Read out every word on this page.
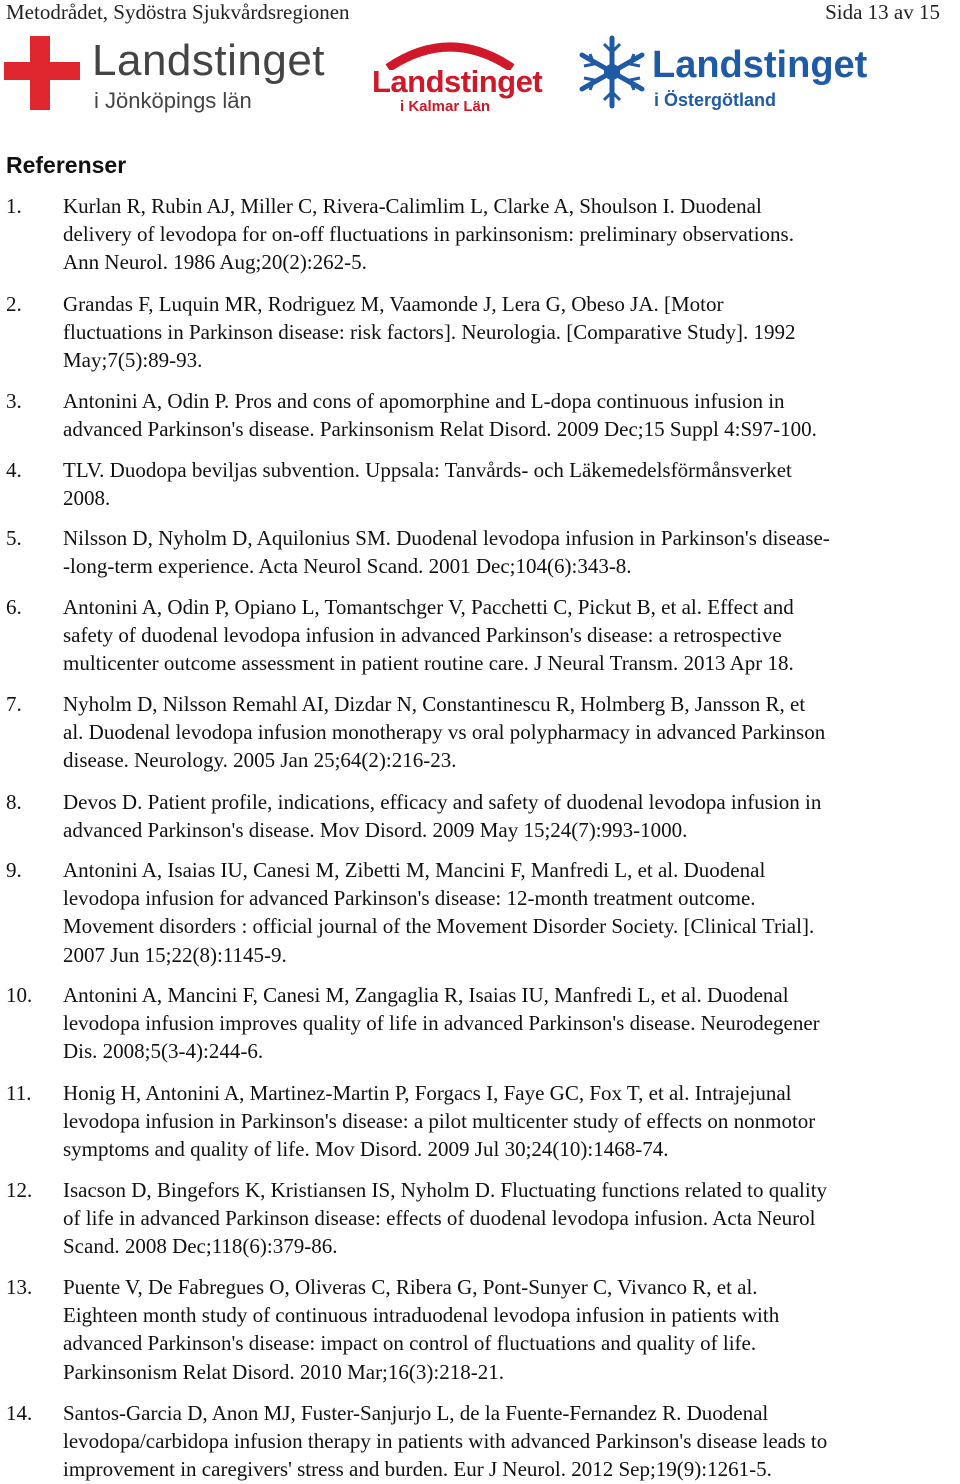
Metodrådet, Sydöstra Sjukvårdsregionen	Sida 13 av 15
Landstinget
i Jönköpings län
Landstinget
i Kalmar Län
Landstinget
i Östergötland
Referenser
1.	Kurlan R, Rubin AJ, Miller C, Rivera-Calimlim L, Clarke A, Shoulson I. Duodenal
delivery of levodopa for on-off fluctuations in parkinsonism: preliminary observations.
Ann Neurol. 1986 Aug;20(2):262-5.
2.	Grandas F, Luquin MR, Rodriguez M, Vaamonde J, Lera G, Obeso JA. [Motor
fluctuations in Parkinson disease: risk factors]. Neurologia. [Comparative Study]. 1992
May;7(5):89-93.
3.	Antonini A, Odin P. Pros and cons of apomorphine and L-dopa continuous infusion in
advanced Parkinson's disease. Parkinsonism Relat Disord. 2009 Dec;15 Suppl 4:S97-100.
4.	TLV. Duodopa beviljas subvention. Uppsala: Tanvårds- och Läkemedelsförmånsverket
2008.
5.	Nilsson D, Nyholm D, Aquilonius SM. Duodenal levodopa infusion in Parkinson's disease-
-long-term experience. Acta Neurol Scand. 2001 Dec;104(6):343-8.
6.	Antonini A, Odin P, Opiano L, Tomantschger V, Pacchetti C, Pickut B, et al. Effect and
safety of duodenal levodopa infusion in advanced Parkinson's disease: a retrospective
multicenter outcome assessment in patient routine care. J Neural Transm. 2013 Apr 18.
7.	Nyholm D, Nilsson Remahl AI, Dizdar N, Constantinescu R, Holmberg B, Jansson R, et
al. Duodenal levodopa infusion monotherapy vs oral polypharmacy in advanced Parkinson
disease. Neurology. 2005 Jan 25;64(2):216-23.
8.	Devos D. Patient profile, indications, efficacy and safety of duodenal levodopa infusion in
advanced Parkinson's disease. Mov Disord. 2009 May 15;24(7):993-1000.
9.	Antonini A, Isaias IU, Canesi M, Zibetti M, Mancini F, Manfredi L, et al. Duodenal
levodopa infusion for advanced Parkinson's disease: 12-month treatment outcome.
Movement disorders : official journal of the Movement Disorder Society. [Clinical Trial].
2007 Jun 15;22(8):1145-9.
10.	Antonini A, Mancini F, Canesi M, Zangaglia R, Isaias IU, Manfredi L, et al. Duodenal
levodopa infusion improves quality of life in advanced Parkinson's disease. Neurodegener
Dis. 2008;5(3-4):244-6.
11.	Honig H, Antonini A, Martinez-Martin P, Forgacs I, Faye GC, Fox T, et al. Intrajejunal
levodopa infusion in Parkinson's disease: a pilot multicenter study of effects on nonmotor
symptoms and quality of life. Mov Disord. 2009 Jul 30;24(10):1468-74.
12.	Isacson D, Bingefors K, Kristiansen IS, Nyholm D. Fluctuating functions related to quality
of life in advanced Parkinson disease: effects of duodenal levodopa infusion. Acta Neurol
Scand. 2008 Dec;118(6):379-86.
13.	Puente V, De Fabregues O, Oliveras C, Ribera G, Pont-Sunyer C, Vivanco R, et al.
Eighteen month study of continuous intraduodenal levodopa infusion in patients with
advanced Parkinson's disease: impact on control of fluctuations and quality of life.
Parkinsonism Relat Disord. 2010 Mar;16(3):218-21.
14.	Santos-Garcia D, Anon MJ, Fuster-Sanjurjo L, de la Fuente-Fernandez R. Duodenal
levodopa/carbidopa infusion therapy in patients with advanced Parkinson's disease leads to
improvement in caregivers' stress and burden. Eur J Neurol. 2012 Sep;19(9):1261-5.
